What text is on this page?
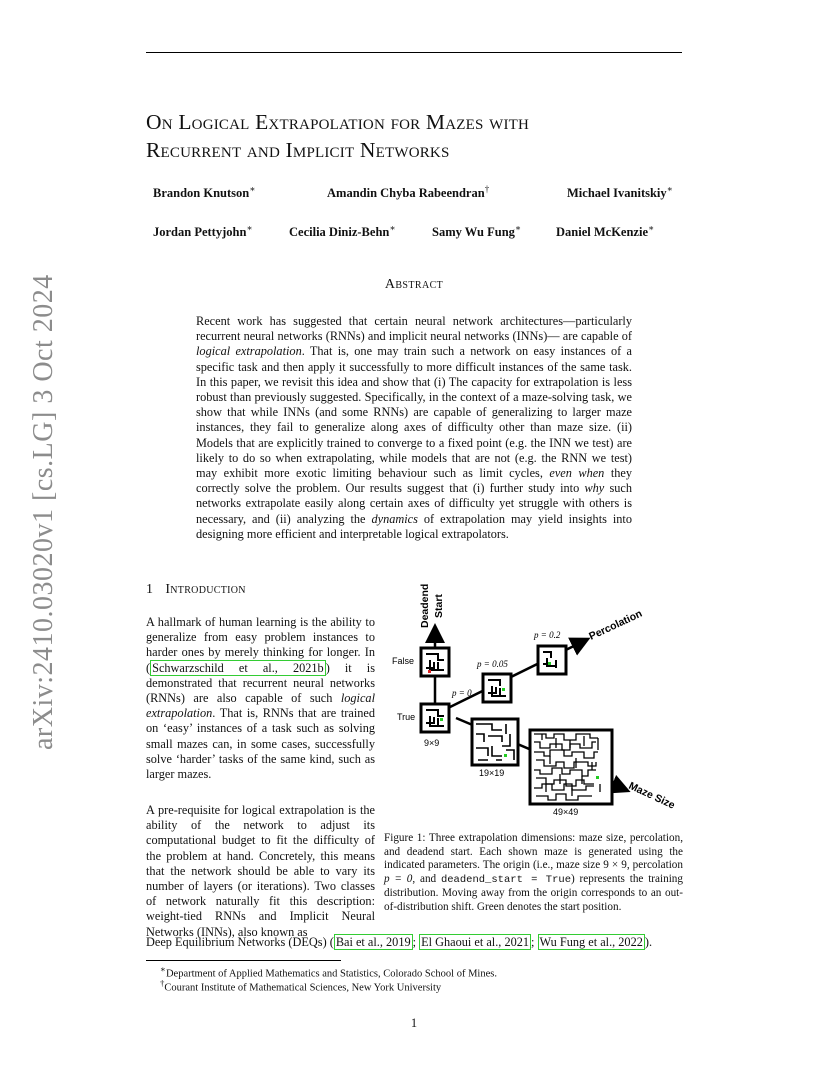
On Logical Extrapolation for Mazes with
Recurrent and Implicit Networks
Brandon Knutson∗	Amandin Chyba Rabeendran†	Michael Ivanitskiy∗
Jordan Pettyjohn∗	Cecilia Diniz-Behn∗	Samy Wu Fung∗	Daniel McKenzie∗
Abstract
Recent work has suggested that certain neural network architectures—particularly recurrent neural networks (RNNs) and implicit neural networks (INNs)— are capable of logical extrapolation. That is, one may train such a network on easy instances of a specific task and then apply it successfully to more difficult instances of the same task. In this paper, we revisit this idea and show that (i) The capacity for extrapolation is less robust than previously suggested. Specifically, in the context of a maze-solving task, we show that while INNs (and some RNNs) are capable of generalizing to larger maze instances, they fail to generalize along axes of difficulty other than maze size. (ii) Models that are explicitly trained to converge to a fixed point (e.g. the INN we test) are likely to do so when extrapolating, while models that are not (e.g. the RNN we test) may exhibit more exotic limiting behaviour such as limit cycles, even when they correctly solve the problem. Our results suggest that (i) further study into why such networks extrapolate easily along certain axes of difficulty yet struggle with others is necessary, and (ii) analyzing the dynamics of extrapolation may yield insights into designing more efficient and interpretable logical extrapolators.
1 Introduction
A hallmark of human learning is the ability to generalize from easy problem instances to harder ones by merely thinking for longer. In ( Schwarzschild et al., 2021b ) it is demonstrated that recurrent neural networks (RNNs) are also capable of such logical extrapolation. That is, RNNs that are trained on ‘easy’ instances of a task such as solving small mazes can, in some cases, successfully solve ‘harder’ tasks of the same kind, such as larger mazes.
A pre-requisite for logical extrapolation is the ability of the network to adjust its computational budget to fit the difficulty of the problem at hand. Concretely, this means that the network should be able to vary its number of layers (or iterations). Two classes of network naturally fit this description: weight-tied RNNs and Implicit Neural Networks (INNs), also known as
Deep Equilibrium Networks (DEQs) ( Bai et al., 2019 ; El Ghaoui et al., 2021 ; Wu Fung et al., 2022 ).
Deadend Start
Percolation
Maze Size
False
True
9×9
19×19
49×49
p = 0
p = 0.05
p = 0.2
Figure 1: Three extrapolation dimensions: maze size, percolation, and deadend start. Each shown maze is generated using the indicated parameters. The origin (i.e., maze size 9 × 9, percolation p = 0, and deadend_start = True) represents the training distribution. Moving away from the origin corresponds to an out-of-distribution shift. Green denotes the start position.
∗Department of Applied Mathematics and Statistics, Colorado School of Mines.
†Courant Institute of Mathematical Sciences, New York University
1
arXiv:2410.03020v1 [cs.LG] 3 Oct 2024
